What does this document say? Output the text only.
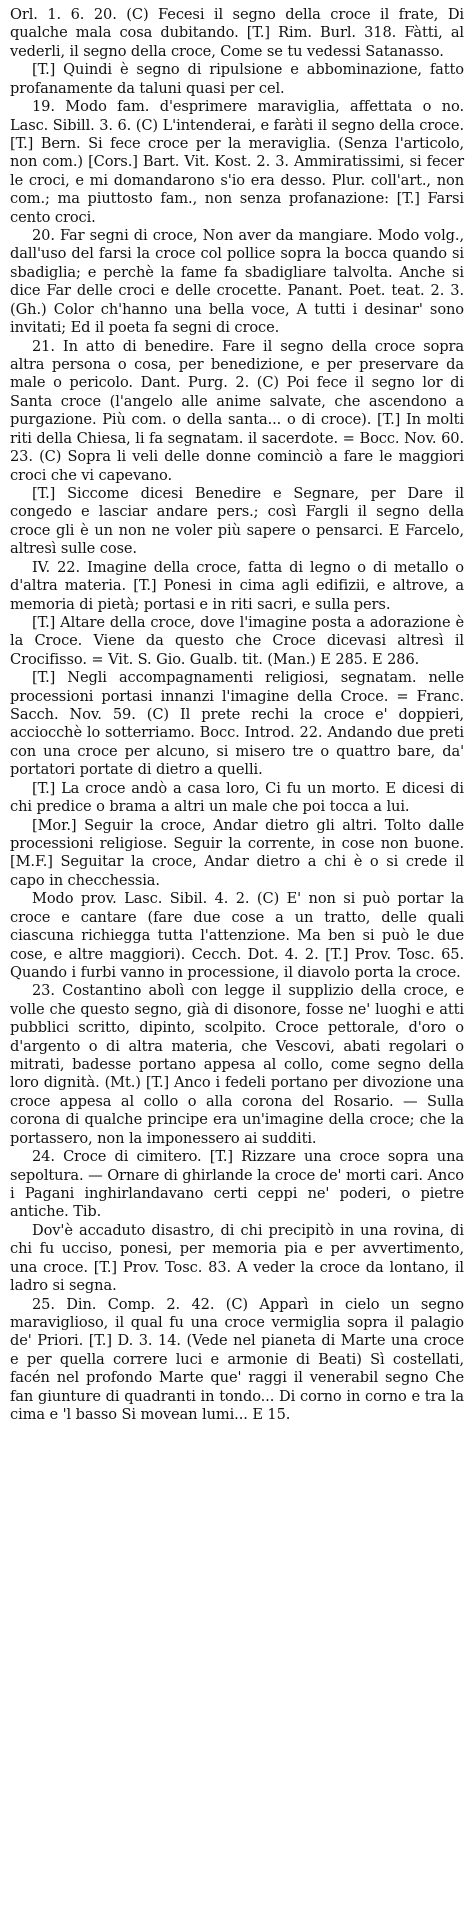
Orl. 1. 6. 20. (C) Fecesi il segno della croce il frate, Di qualche mala cosa dubitando. [T.] Rim. Burl. 318. Fàtti, al vederli, il segno della croce, Come se tu vedessi Satanasso.

[T.] Quindi è segno di ripulsione e abbominazione, fatto profanamente da taluni quasi per cel.

19. Modo fam. d'esprimere maraviglia, affettata o no. Lasc. Sibill. 3. 6. (C) L'intenderai, e faràti il segno della croce. [T.] Bern. Si fece croce per la meraviglia. (Senza l'articolo, non com.) [Cors.] Bart. Vit. Kost. 2. 3. Ammiratissimi, si fecer le croci, e mi domandarono s'io era desso. Plur. coll'art., non com.; ma piuttosto fam., non senza profanazione: [T.] Farsi cento croci.

20. Far segni di croce, Non aver da mangiare. Modo volg., dall'uso del farsi la croce col pollice sopra la bocca quando si sbadiglia; e perchè la fame fa sbadigliare talvolta. Anche si dice Far delle croci e delle crocette. Panant. Poet. teat. 2. 3. (Gh.) Color ch'hanno una bella voce, A tutti i desinar' sono invitati; Ed il poeta fa segni di croce.

21. In atto di benedire. Fare il segno della croce sopra altra persona o cosa, per benedizione, e per preservare da male o pericolo. Dant. Purg. 2. (C) Poi fece il segno lor di Santa croce (l'angelo alle anime salvate, che ascendono a purgazione. Più com. o della santa... o di croce). [T.] In molti riti della Chiesa, li fa segnatam. il sacerdote. = Bocc. Nov. 60. 23. (C) Sopra li veli delle donne cominciò a fare le maggiori croci che vi capevano.

[T.] Siccome dicesi Benedire e Segnare, per Dare il congedo e lasciar andare pers.; così Fargli il segno della croce gli è un non ne voler più sapere o pensarci. E Farcelo, altresì sulle cose.

IV. 22. Imagine della croce, fatta di legno o di metallo o d'altra materia. [T.] Ponesi in cima agli edifizii, e altrove, a memoria di pietà; portasi e in riti sacri, e sulla pers.

[T.] Altare della croce, dove l'imagine posta a adorazione è la Croce. Viene da questo che Croce dicevasi altresì il Crocifisso. = Vit. S. Gio. Gualb. tit. (Man.) E 285. E 286.

[T.] Negli accompagnamenti religiosi, segnatam. nelle processioni portasi innanzi l'imagine della Croce. = Franc. Sacch. Nov. 59. (C) Il prete rechi la croce e' doppieri, acciocchè lo sotterriamo. Bocc. Introd. 22. Andando due preti con una croce per alcuno, si misero tre o quattro bare, da' portatori portate di dietro a quelli.

[T.] La croce andò a casa loro, Ci fu un morto. E dicesi di chi predice o brama a altri un male che poi tocca a lui.

[Mor.] Seguir la croce, Andar dietro gli altri. Tolto dalle processioni religiose. Seguir la corrente, in cose non buone. [M.F.] Seguitar la croce, Andar dietro a chi è o si crede il capo in checchessia.

Modo prov. Lasc. Sibil. 4. 2. (C) E' non si può portar la croce e cantare (fare due cose a un tratto, delle quali ciascuna richiegga tutta l'attenzione. Ma ben si può le due cose, e altre maggiori). Cecch. Dot. 4. 2. [T.] Prov. Tosc. 65. Quando i furbi vanno in processione, il diavolo porta la croce.

23. Costantino abolì con legge il supplizio della croce, e volle che questo segno, già di disonore, fosse ne' luoghi e atti pubblici scritto, dipinto, scolpito. Croce pettorale, d'oro o d'argento o di altra materia, che Vescovi, abati regolari o mitrati, badesse portano appesa al collo, come segno della loro dignità. (Mt.) [T.] Anco i fedeli portano per divozione una croce appesa al collo o alla corona del Rosario. — Sulla corona di qualche principe era un'imagine della croce; che la portassero, non la imponessero ai sudditi.

24. Croce di cimitero. [T.] Rizzare una croce sopra una sepoltura. — Ornare di ghirlande la croce de' morti cari. Anco i Pagani inghirlandavano certi ceppi ne' poderi, o pietre antiche. Tib.

Dov'è accaduto disastro, di chi precipitò in una rovina, di chi fu ucciso, ponesi, per memoria pia e per avvertimento, una croce. [T.] Prov. Tosc. 83. A veder la croce da lontano, il ladro si segna.

25. Din. Comp. 2. 42. (C) Apparì in cielo un segno maraviglioso, il qual fu una croce vermiglia sopra il palagio de' Priori. [T.] D. 3. 14. (Vede nel pianeta di Marte una croce e per quella correre luci e armonie di Beati) Sì costellati, facén nel profondo Marte que' raggi il venerabil segno Che fan giunture di quadranti in tondo... Di corno in corno e tra la cima e 'l basso Si movean lumi... E 15.
